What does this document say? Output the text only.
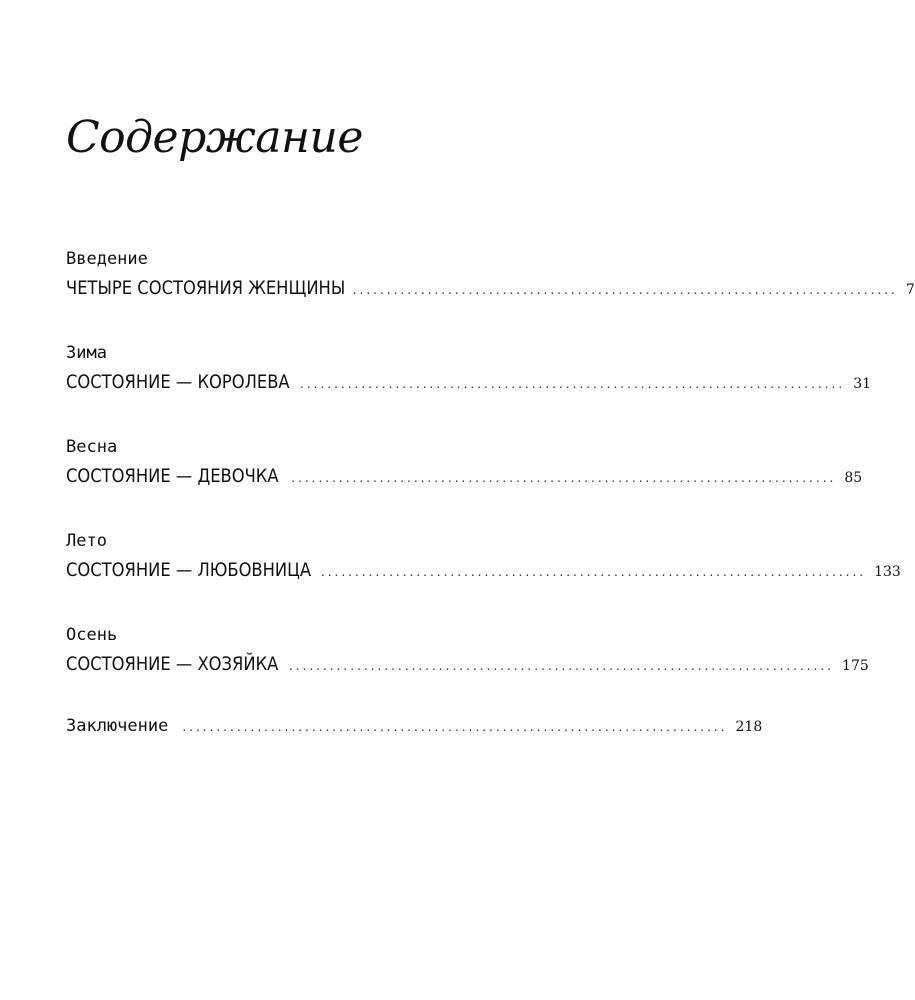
Содержание
Введение
ЧЕТЫРЕ СОСТОЯНИЯ ЖЕНЩИНЫ ................................................................................ 7
Зима
СОСТОЯНИЕ — КОРОЛЕВА ................................................................................ 31
Весна
СОСТОЯНИЕ — ДЕВОЧКА ................................................................................ 85
Лето
СОСТОЯНИЕ — ЛЮБОВНИЦА ................................................................................ 133
Осень
СОСТОЯНИЕ — ХОЗЯЙКА ................................................................................ 175
Заключение ................................................................................ 218
